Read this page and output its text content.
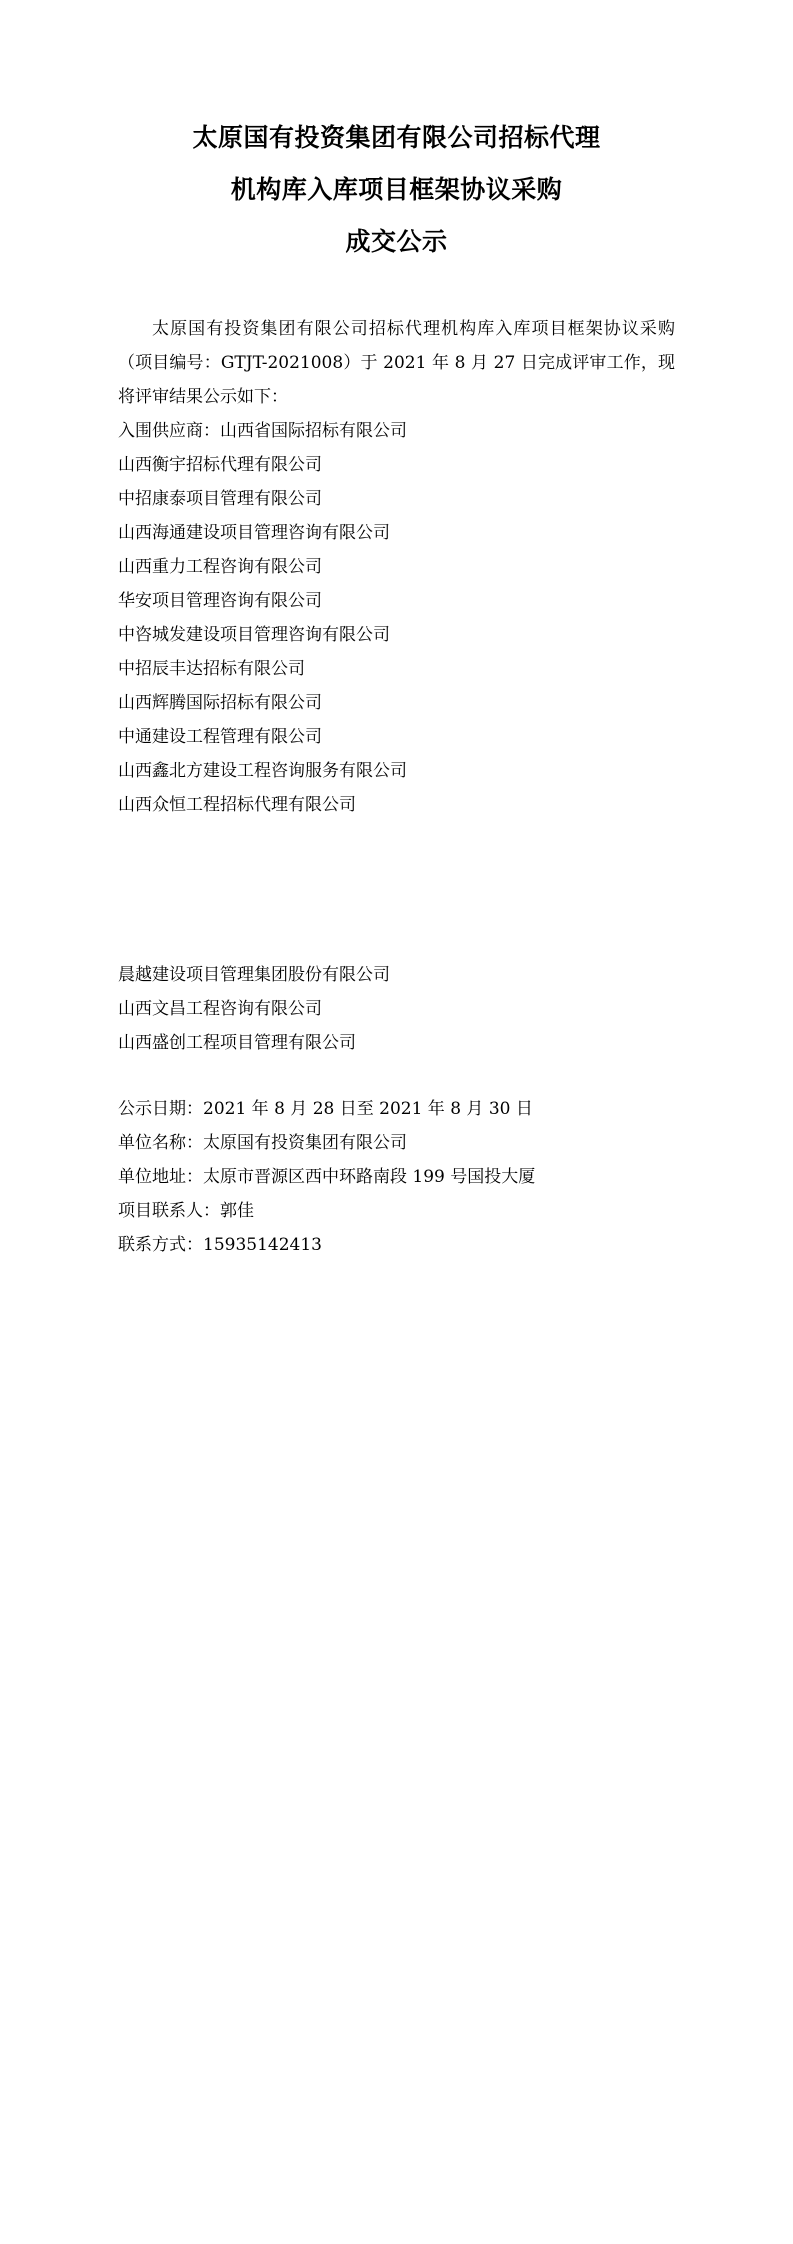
太原国有投资集团有限公司招标代理
机构库入库项目框架协议采购
成交公示

太原国有投资集团有限公司招标代理机构库入库项目框架协议采购（项目编号：GTJT-2021008）于 2021 年 8 月 27 日完成评审工作，现将评审结果公示如下：

入围供应商：山西省国际招标有限公司

山西衡宇招标代理有限公司
中招康泰项目管理有限公司
山西海通建设项目管理咨询有限公司
山西重力工程咨询有限公司
华安项目管理咨询有限公司
中咨城发建设项目管理咨询有限公司
中招辰丰达招标有限公司
山西辉腾国际招标有限公司
中通建设工程管理有限公司
山西鑫北方建设工程咨询服务有限公司
山西众恒工程招标代理有限公司
晨越建设项目管理集团股份有限公司
山西文昌工程咨询有限公司
山西盛创工程项目管理有限公司
公示日期：2021 年 8 月 28 日至 2021 年 8 月 30 日
单位名称：太原国有投资集团有限公司
单位地址：太原市晋源区西中环路南段 199 号国投大厦
项目联系人：郭佳
联系方式：15935142413
